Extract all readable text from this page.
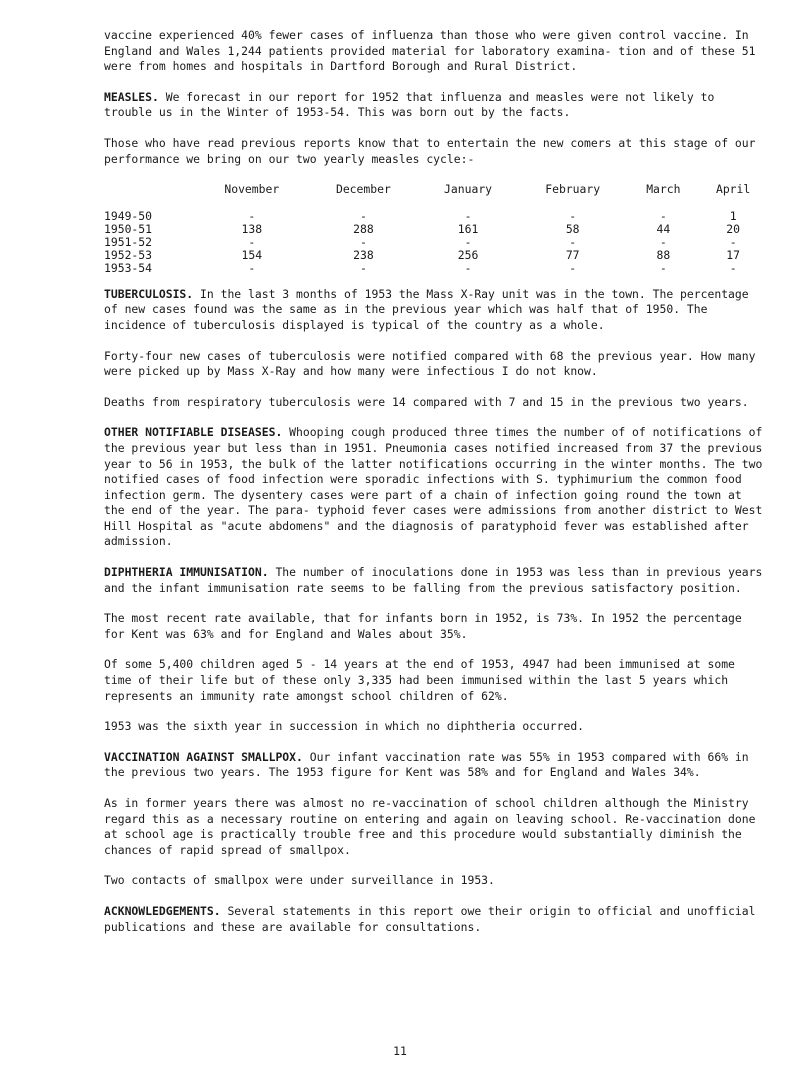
vaccine experienced 40% fewer cases of influenza than those who were given control vaccine. In England and Wales 1,244 patients provided material for laboratory examina- tion and of these 51 were from homes and hospitals in Dartford Borough and Rural District.

MEASLES. We forecast in our report for 1952 that influenza and measles were not likely to trouble us in the Winter of 1953-54. This was born out by the facts.

Those who have read previous reports know that to entertain the new comers at this stage of our performance we bring on our two yearly measles cycle:-

	November	December	January	February	March	April
1949-50	-	-	-	-	-	1
1950-51	138	288	161	58	44	20
1951-52	-	-	-	-	-	-
1952-53	154	238	256	77	88	17
1953-54	-	-	-	-	-	-

TUBERCULOSIS. In the last 3 months of 1953 the Mass X-Ray unit was in the town. The percentage of new cases found was the same as in the previous year which was half that of 1950. The incidence of tuberculosis displayed is typical of the country as a whole.

Forty-four new cases of tuberculosis were notified compared with 68 the previous year. How many were picked up by Mass X-Ray and how many were infectious I do not know.

Deaths from respiratory tuberculosis were 14 compared with 7 and 15 in the previous two years.

OTHER NOTIFIABLE DISEASES. Whooping cough produced three times the number of of notifications of the previous year but less than in 1951. Pneumonia cases notified increased from 37 the previous year to 56 in 1953, the bulk of the latter notifications occurring in the winter months. The two notified cases of food infection were sporadic infections with S. typhimurium the common food infection germ. The dysentery cases were part of a chain of infection going round the town at the end of the year. The para- typhoid fever cases were admissions from another district to West Hill Hospital as "acute abdomens" and the diagnosis of paratyphoid fever was established after admission.

DIPHTHERIA IMMUNISATION. The number of inoculations done in 1953 was less than in previous years and the infant immunisation rate seems to be falling from the previous satisfactory position.

The most recent rate available, that for infants born in 1952, is 73%. In 1952 the percentage for Kent was 63% and for England and Wales about 35%.

Of some 5,400 children aged 5 - 14 years at the end of 1953, 4947 had been immunised at some time of their life but of these only 3,335 had been immunised within the last 5 years which represents an immunity rate amongst school children of 62%.

1953 was the sixth year in succession in which no diphtheria occurred.

VACCINATION AGAINST SMALLPOX. Our infant vaccination rate was 55% in 1953 compared with 66% in the previous two years. The 1953 figure for Kent was 58% and for England and Wales 34%.

As in former years there was almost no re-vaccination of school children although the Ministry regard this as a necessary routine on entering and again on leaving school. Re-vaccination done at school age is practically trouble free and this procedure would substantially diminish the chances of rapid spread of smallpox.

Two contacts of smallpox were under surveillance in 1953.

ACKNOWLEDGEMENTS. Several statements in this report owe their origin to official and unofficial publications and these are available for consultations.

11
